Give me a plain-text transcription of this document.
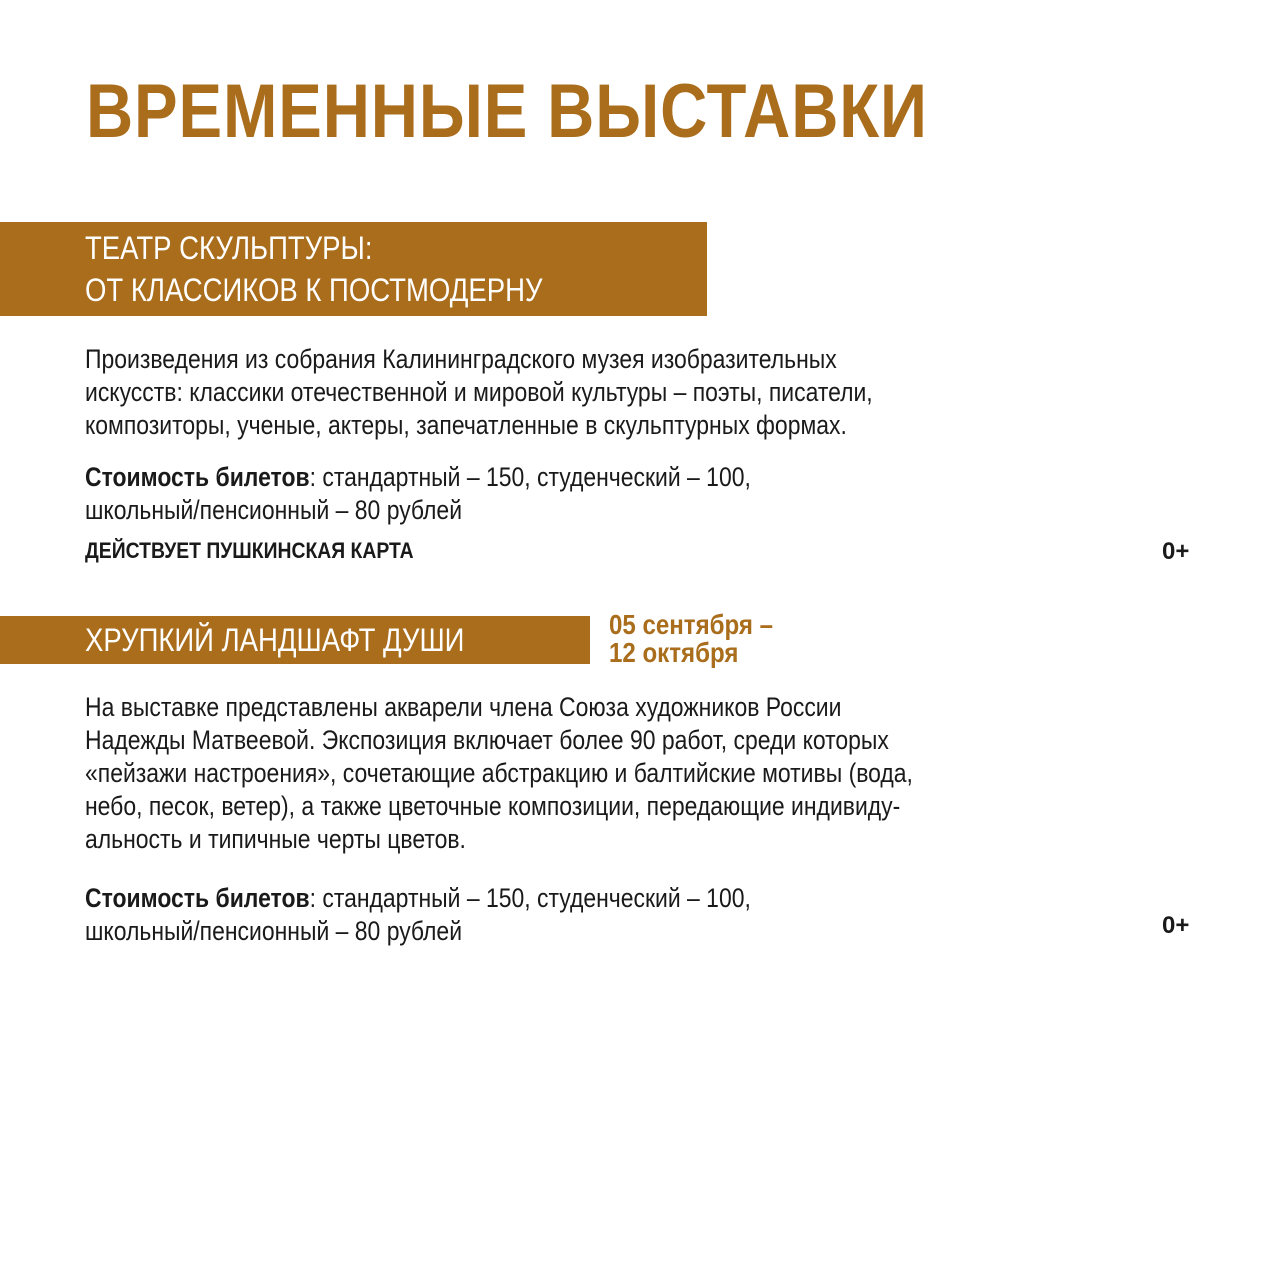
ВРЕМЕННЫЕ ВЫСТАВКИ
ТЕАТР СКУЛЬПТУРЫ:
ОТ КЛАССИКОВ К ПОСТМОДЕРНУ
Произведения из собрания Калининградского музея изобразительных
искусств: классики отечественной и мировой культуры – поэты, писатели,
композиторы, ученые, актеры, запечатленные в скульптурных формах.
Стоимость билетов: стандартный – 150, студенческий – 100,
школьный/пенсионный – 80 рублей
ДЕЙСТВУЕТ ПУШКИНСКАЯ КАРТА	0+
ХРУПКИЙ ЛАНДШАФТ ДУШИ	05 сентября –
12 октября
На выставке представлены акварели члена Союза художников России
Надежды Матвеевой. Экспозиция включает более 90 работ, среди которых
«пейзажи настроения», сочетающие абстракцию и балтийские мотивы (вода,
небо, песок, ветер), а также цветочные композиции, передающие индивиду-
альность и типичные черты цветов.
Стоимость билетов: стандартный – 150, студенческий – 100,
школьный/пенсионный – 80 рублей	0+
